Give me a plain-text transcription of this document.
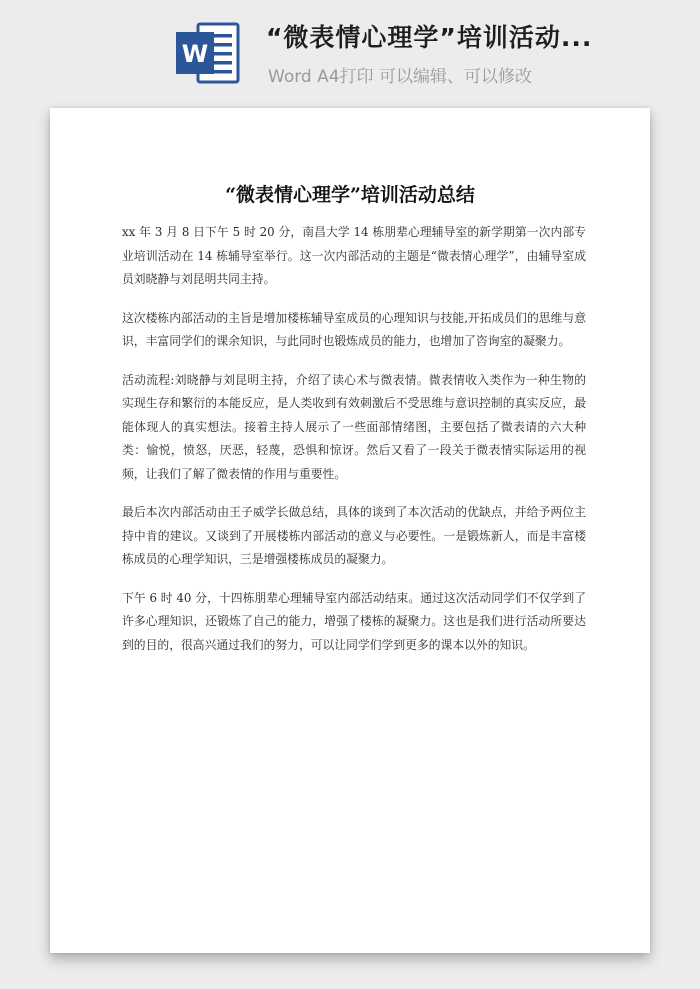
W
“微表情心理学”培训活动...
Word A4打印 可以编辑、可以修改
“微表情心理学”培训活动总结

xx 年 3 月 8 日下午 5 时 20 分，南昌大学 14 栋朋辈心理辅导室的新学期第一次内部专业培训活动在 14 栋辅导室举行。这一次内部活动的主题是“微表情心理学”，由辅导室成员刘晓静与刘昆明共同主持。

这次楼栋内部活动的主旨是增加楼栋辅导室成员的心理知识与技能,开拓成员们的思维与意识，丰富同学们的课余知识，与此同时也锻炼成员的能力，也增加了咨询室的凝聚力。

活动流程:刘晓静与刘昆明主持，介绍了读心术与微表情。微表情收入类作为一种生物的实现生存和繁衍的本能反应，是人类收到有效刺激后不受思维与意识控制的真实反应，最能体现人的真实想法。接着主持人展示了一些面部情绪图，主要包括了微表请的六大种类：愉悦，愤怒，厌恶，轻蔑，恐惧和惊讶。然后又看了一段关于微表情实际运用的视频，让我们了解了微表情的作用与重要性。

最后本次内部活动由王子威学长做总结，具体的谈到了本次活动的优缺点，并给予两位主持中肯的建议。又谈到了开展楼栋内部活动的意义与必要性。一是锻炼新人，而是丰富楼栋成员的心理学知识，三是增强楼栋成员的凝聚力。

下午 6 时 40 分，十四栋朋辈心理辅导室内部活动结束。通过这次活动同学们不仅学到了许多心理知识，还锻炼了自己的能力，增强了楼栋的凝聚力。这也是我们进行活动所要达到的目的，很高兴通过我们的努力，可以让同学们学到更多的课本以外的知识。
